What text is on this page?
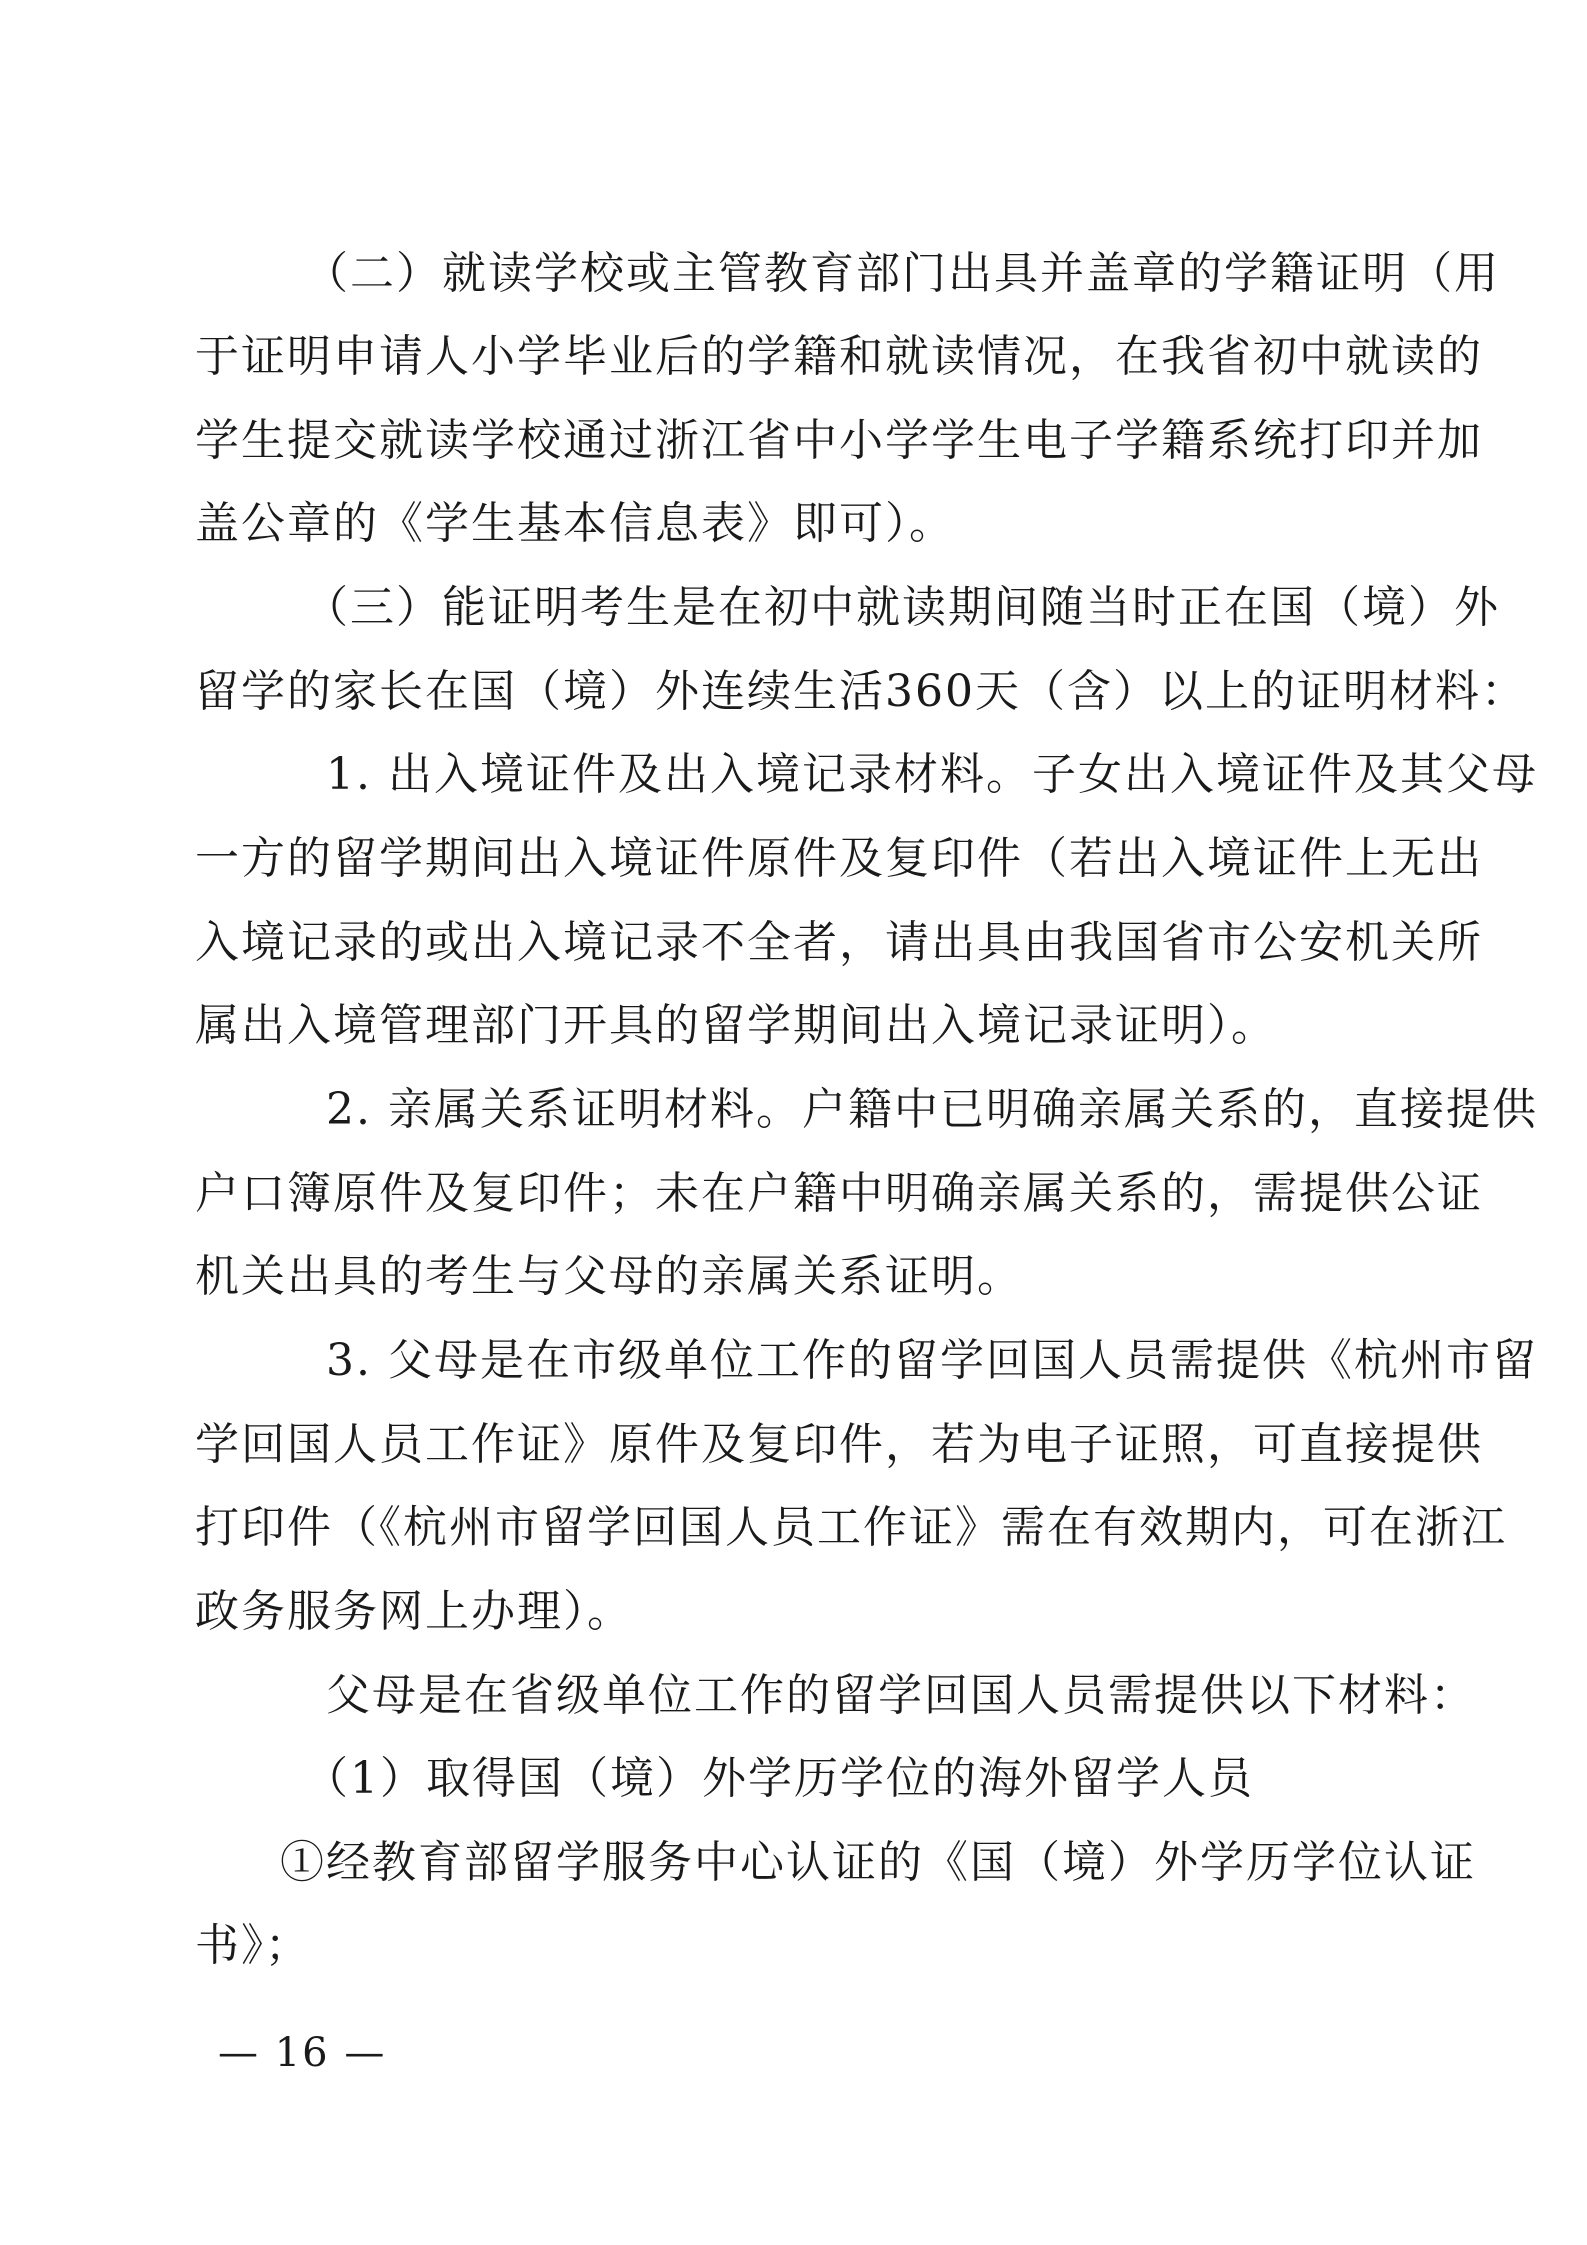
　（二）就读学校或主管教育部门出具并盖章的学籍证明（用
于证明申请人小学毕业后的学籍和就读情况，在我省初中就读的
学生提交就读学校通过浙江省中小学学生电子学籍系统打印并加
盖公章的《学生基本信息表》即可）。
　（三）能证明考生是在初中就读期间随当时正在国（境）外
留学的家长在国（境）外连续生活360天（含）以上的证明材料：
　1. 出入境证件及出入境记录材料。子女出入境证件及其父母
一方的留学期间出入境证件原件及复印件（若出入境证件上无出
入境记录的或出入境记录不全者，请出具由我国省市公安机关所
属出入境管理部门开具的留学期间出入境记录证明）。
　2. 亲属关系证明材料。户籍中已明确亲属关系的，直接提供
户口簿原件及复印件；未在户籍中明确亲属关系的，需提供公证
机关出具的考生与父母的亲属关系证明。
　3. 父母是在市级单位工作的留学回国人员需提供《杭州市留
学回国人员工作证》原件及复印件，若为电子证照，可直接提供
打印件（《杭州市留学回国人员工作证》需在有效期内，可在浙江
政务服务网上办理）。
　父母是在省级单位工作的留学回国人员需提供以下材料：
　（1）取得国（境）外学历学位的海外留学人员
①经教育部留学服务中心认证的《国（境）外学历学位认证
书》；
— 16 —
